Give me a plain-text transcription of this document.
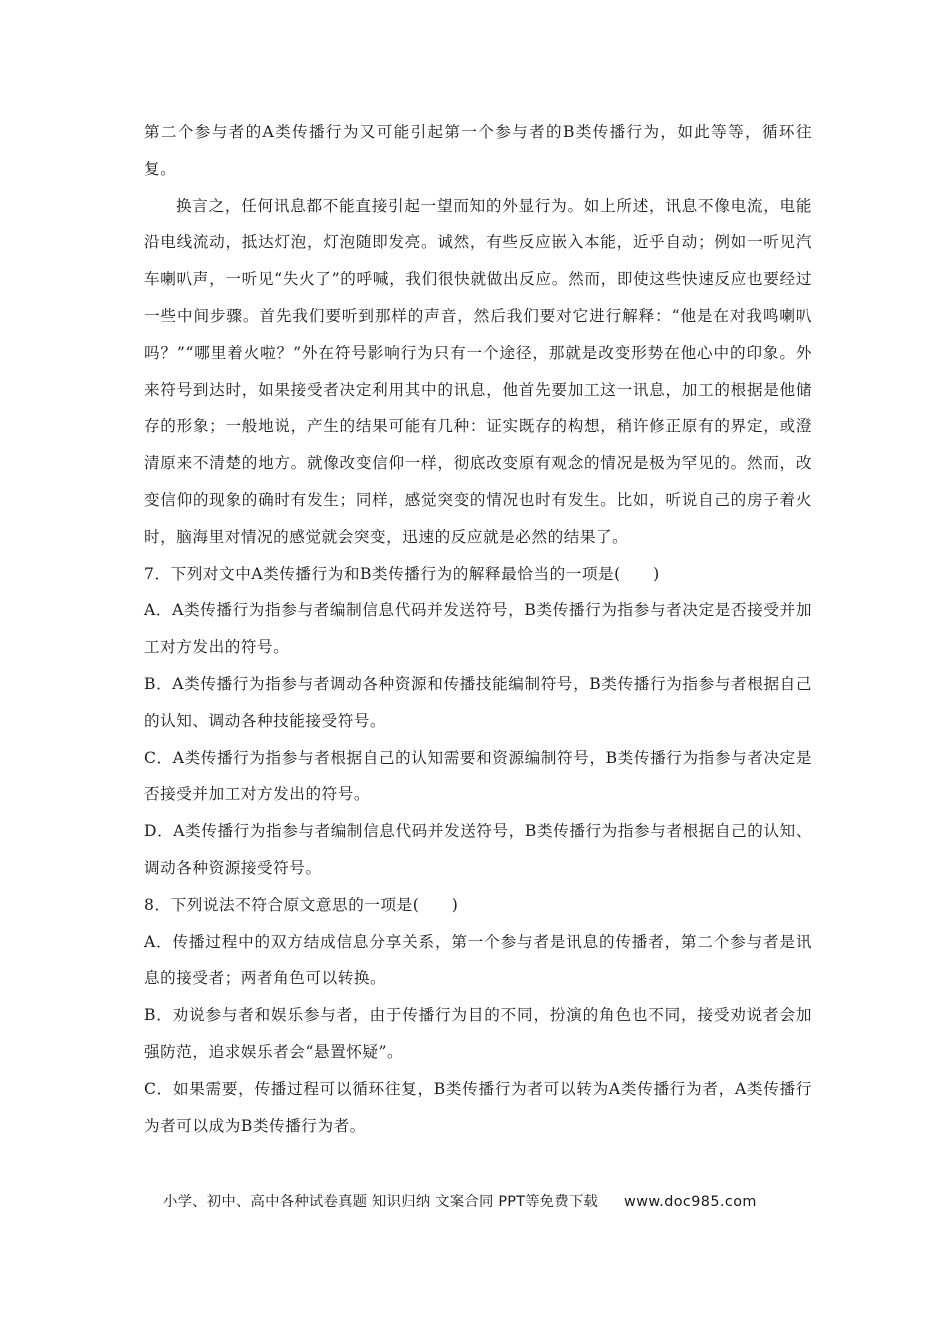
第二个参与者的A类传播行为又可能引起第一个参与者的B类传播行为，如此等等，循环往复。

换言之，任何讯息都不能直接引起一望而知的外显行为。如上所述，讯息不像电流，电能沿电线流动，抵达灯泡，灯泡随即发亮。诚然，有些反应嵌入本能，近乎自动；例如一听见汽车喇叭声，一听见“失火了”的呼喊，我们很快就做出反应。然而，即使这些快速反应也要经过一些中间步骤。首先我们要听到那样的声音，然后我们要对它进行解释：“他是在对我鸣喇叭吗？”“哪里着火啦？”外在符号影响行为只有一个途径，那就是改变形势在他心中的印象。外来符号到达时，如果接受者决定利用其中的讯息，他首先要加工这一讯息，加工的根据是他储存的形象；一般地说，产生的结果可能有几种：证实既存的构想，稍许修正原有的界定，或澄清原来不清楚的地方。就像改变信仰一样，彻底改变原有观念的情况是极为罕见的。然而，改变信仰的现象的确时有发生；同样，感觉突变的情况也时有发生。比如，听说自己的房子着火时，脑海里对情况的感觉就会突变，迅速的反应就是必然的结果了。

7．下列对文中A类传播行为和B类传播行为的解释最恰当的一项是(　　)

A．A类传播行为指参与者编制信息代码并发送符号，B类传播行为指参与者决定是否接受并加工对方发出的符号。

B．A类传播行为指参与者调动各种资源和传播技能编制符号，B类传播行为指参与者根据自己的认知、调动各种技能接受符号。

C．A类传播行为指参与者根据自己的认知需要和资源编制符号，B类传播行为指参与者决定是否接受并加工对方发出的符号。

D．A类传播行为指参与者编制信息代码并发送符号，B类传播行为指参与者根据自己的认知、调动各种资源接受符号。

8．下列说法不符合原文意思的一项是(　　)

A．传播过程中的双方结成信息分享关系，第一个参与者是讯息的传播者，第二个参与者是讯息的接受者；两者角色可以转换。

B．劝说参与者和娱乐参与者，由于传播行为目的不同，扮演的角色也不同，接受劝说者会加强防范，追求娱乐者会“悬置怀疑”。

C．如果需要，传播过程可以循环往复，B类传播行为者可以转为A类传播行为者，A类传播行为者可以成为B类传播行为者。

小学、初中、高中各种试卷真题 知识归纳 文案合同 PPT等免费下载 www.doc985.com
